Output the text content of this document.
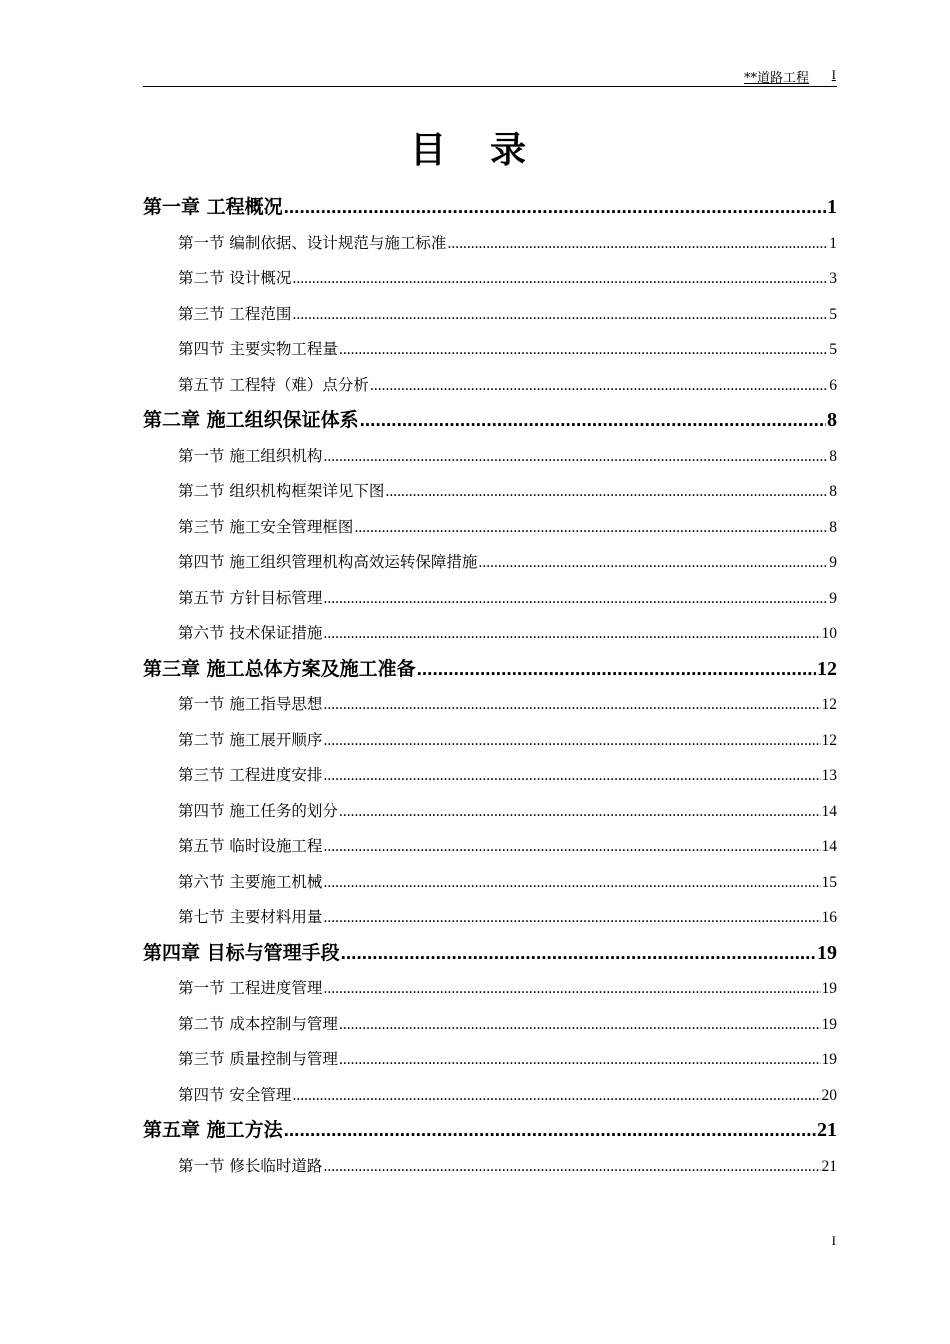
**道路工程 I
目录
第一章 工程概况 .....	1
第一节 编制依据、设计规范与施工标准 .....	1
第二节 设计概况 .....	3
第三节 工程范围 .....	5
第四节 主要实物工程量 .....	5
第五节 工程特（难）点分析 .....	6
第二章 施工组织保证体系 .....	8
第一节 施工组织机构 .....	8
第二节 组织机构框架详见下图 .....	8
第三节 施工安全管理框图 .....	8
第四节 施工组织管理机构高效运转保障措施 .....	9
第五节 方针目标管理 .....	9
第六节 技术保证措施 .....	10
第三章 施工总体方案及施工准备 .....	12
第一节 施工指导思想 .....	12
第二节 施工展开顺序 .....	12
第三节 工程进度安排 .....	13
第四节 施工任务的划分 .....	14
第五节 临时设施工程 .....	14
第六节 主要施工机械 .....	15
第七节 主要材料用量 .....	16
第四章 目标与管理手段 .....	19
第一节 工程进度管理 .....	19
第二节 成本控制与管理 .....	19
第三节 质量控制与管理 .....	19
第四节 安全管理 .....	20
第五章 施工方法 .....	21
第一节 修长临时道路 .....	21
I
